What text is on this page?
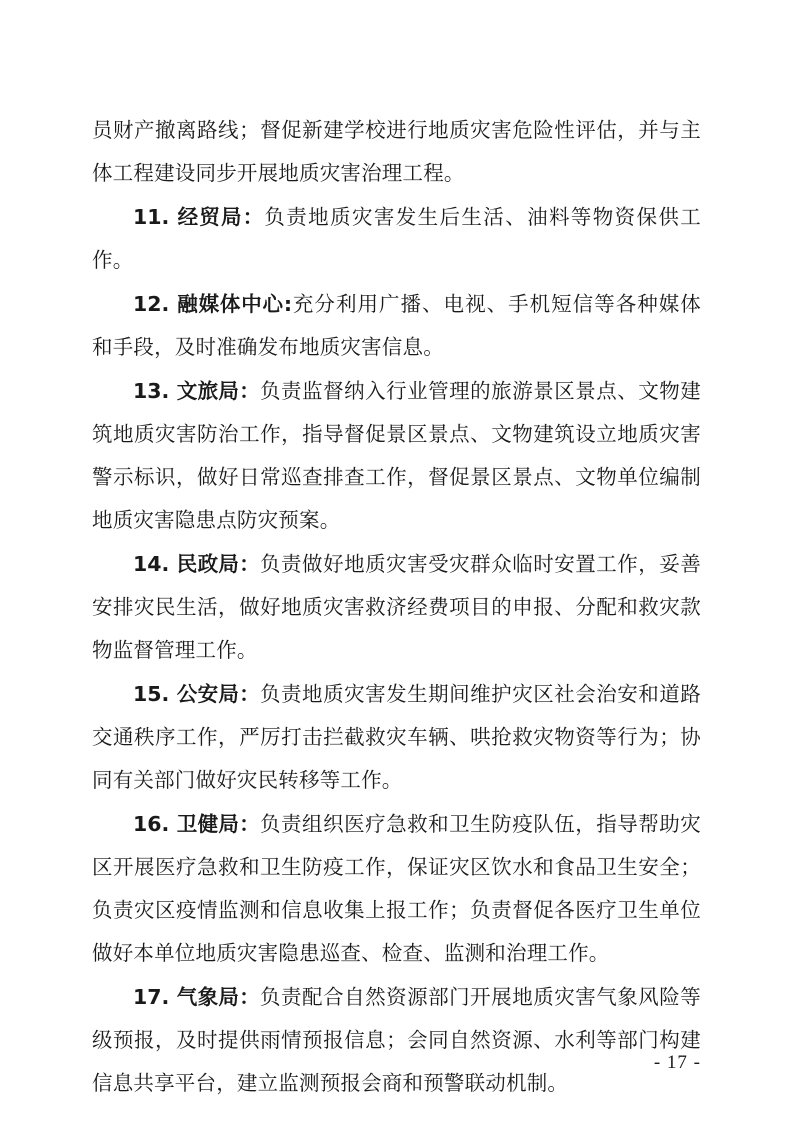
员财产撤离路线；督促新建学校进行地质灾害危险性评估，并与主体工程建设同步开展地质灾害治理工程。

11. 经贸局：负责地质灾害发生后生活、油料等物资保供工作。

12. 融媒体中心:充分利用广播、电视、手机短信等各种媒体和手段，及时准确发布地质灾害信息。

13. 文旅局：负责监督纳入行业管理的旅游景区景点、文物建筑地质灾害防治工作，指导督促景区景点、文物建筑设立地质灾害警示标识，做好日常巡查排查工作，督促景区景点、文物单位编制地质灾害隐患点防灾预案。

14. 民政局：负责做好地质灾害受灾群众临时安置工作，妥善安排灾民生活，做好地质灾害救济经费项目的申报、分配和救灾款物监督管理工作。

15. 公安局：负责地质灾害发生期间维护灾区社会治安和道路交通秩序工作，严厉打击拦截救灾车辆、哄抢救灾物资等行为；协同有关部门做好灾民转移等工作。

16. 卫健局：负责组织医疗急救和卫生防疫队伍，指导帮助灾区开展医疗急救和卫生防疫工作，保证灾区饮水和食品卫生安全；负责灾区疫情监测和信息收集上报工作；负责督促各医疗卫生单位做好本单位地质灾害隐患巡查、检查、监测和治理工作。

17. 气象局：负责配合自然资源部门开展地质灾害气象风险等级预报，及时提供雨情预报信息；会同自然资源、水利等部门构建信息共享平台，建立监测预报会商和预警联动机制。

- 17 -
